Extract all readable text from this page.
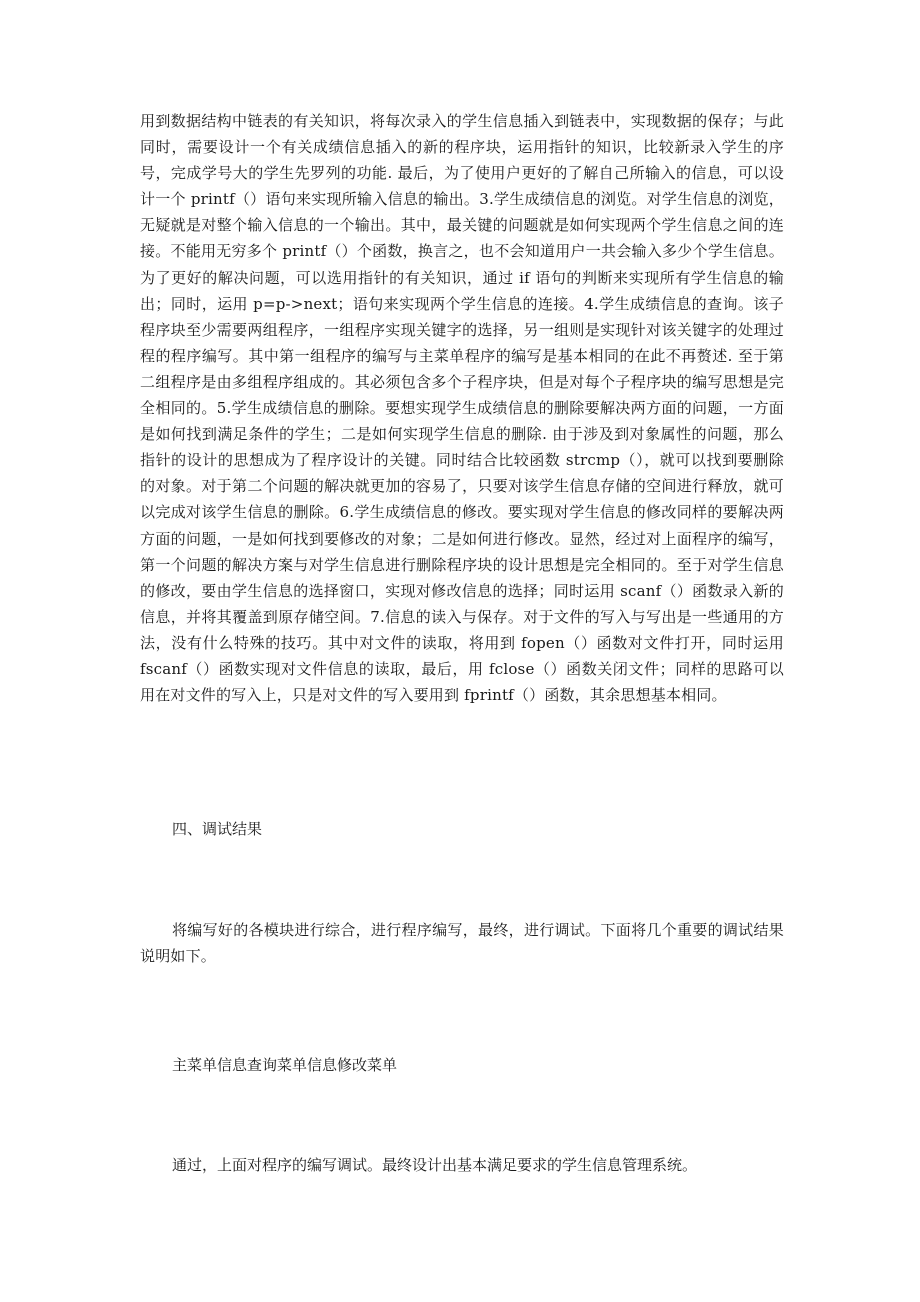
用到数据结构中链表的有关知识，将每次录入的学生信息插入到链表中，实现数据的保存；与此同时，需要设计一个有关成绩信息插入的新的程序块，运用指针的知识，比较新录入学生的序号，完成学号大的学生先罗列的功能. 最后，为了使用户更好的了解自己所输入的信息，可以设计一个 printf（）语句来实现所输入信息的输出。3.学生成绩信息的浏览。对学生信息的浏览，无疑就是对整个输入信息的一个输出。其中，最关键的问题就是如何实现两个学生信息之间的连接。不能用无穷多个 printf（）个函数，换言之，也不会知道用户一共会输入多少个学生信息。为了更好的解决问题，可以选用指针的有关知识，通过 if 语句的判断来实现所有学生信息的输出；同时，运用 p=p->next；语句来实现两个学生信息的连接。4.学生成绩信息的查询。该子程序块至少需要两组程序，一组程序实现关键字的选择，另一组则是实现针对该关键字的处理过程的程序编写。其中第一组程序的编写与主菜单程序的编写是基本相同的在此不再赘述. 至于第二组程序是由多组程序组成的。其必须包含多个子程序块，但是对每个子程序块的编写思想是完全相同的。5.学生成绩信息的删除。要想实现学生成绩信息的删除要解决两方面的问题，一方面是如何找到满足条件的学生；二是如何实现学生信息的删除. 由于涉及到对象属性的问题，那么指针的设计的思想成为了程序设计的关键。同时结合比较函数 strcmp（），就可以找到要删除的对象。对于第二个问题的解决就更加的容易了，只要对该学生信息存储的空间进行释放，就可以完成对该学生信息的删除。6.学生成绩信息的修改。要实现对学生信息的修改同样的要解决两方面的问题，一是如何找到要修改的对象；二是如何进行修改。显然，经过对上面程序的编写，第一个问题的解决方案与对学生信息进行删除程序块的设计思想是完全相同的。至于对学生信息的修改，要由学生信息的选择窗口，实现对修改信息的选择；同时运用 scanf（）函数录入新的信息，并将其覆盖到原存储空间。7.信息的读入与保存。对于文件的写入与写出是一些通用的方法，没有什么特殊的技巧。其中对文件的读取，将用到 fopen（）函数对文件打开，同时运用 fscanf（）函数实现对文件信息的读取，最后，用 fclose（）函数关闭文件；同样的思路可以用在对文件的写入上，只是对文件的写入要用到 fprintf（）函数，其余思想基本相同。

四、调试结果

将编写好的各模块进行综合，进行程序编写，最终，进行调试。下面将几个重要的调试结果说明如下。

主菜单信息查询菜单信息修改菜单

通过，上面对程序的编写调试。最终设计出基本满足要求的学生信息管理系统。
